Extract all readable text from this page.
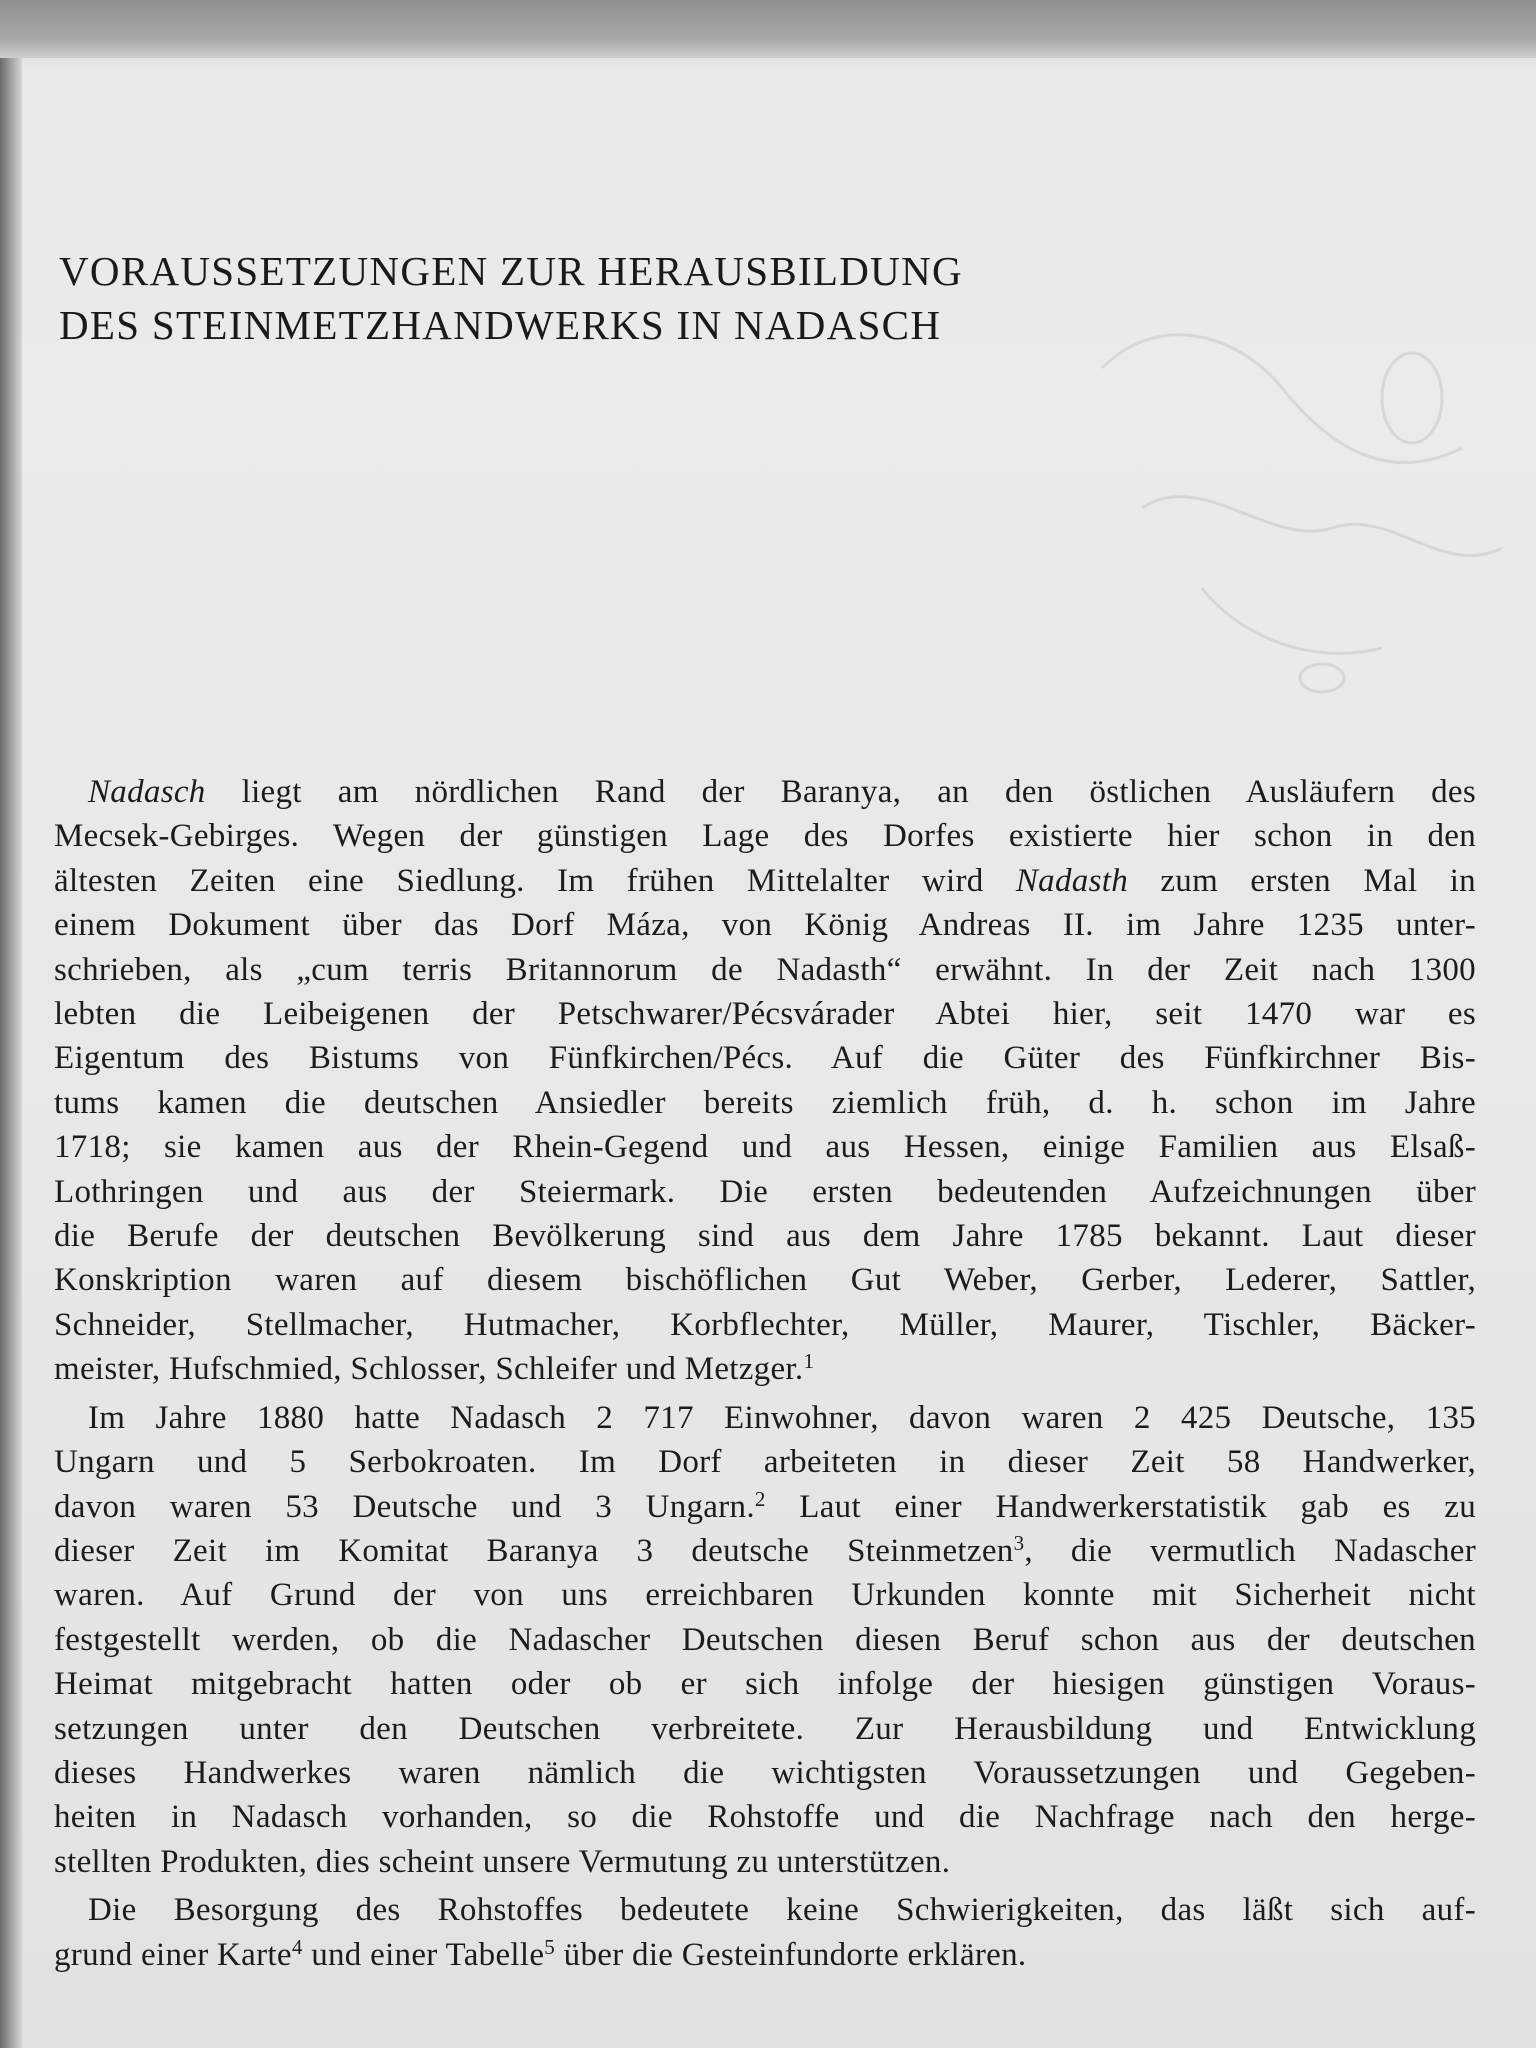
VORAUSSETZUNGEN ZUR HERAUSBILDUNG
DES STEINMETZHANDWERKS IN NADASCH

Nadasch liegt am nördlichen Rand der Baranya, an den östlichen Ausläufern des
Mecsek-Gebirges. Wegen der günstigen Lage des Dorfes existierte hier schon in den
ältesten Zeiten eine Siedlung. Im frühen Mittelalter wird Nadasth zum ersten Mal in
einem Dokument über das Dorf Máza, von König Andreas II. im Jahre 1235 unter-
schrieben, als „cum terris Britannorum de Nadasth“ erwähnt. In der Zeit nach 1300
lebten die Leibeigenen der Petschwarer/Pécsvárader Abtei hier, seit 1470 war es
Eigentum des Bistums von Fünfkirchen/Pécs. Auf die Güter des Fünfkirchner Bis-
tums kamen die deutschen Ansiedler bereits ziemlich früh, d. h. schon im Jahre
1718; sie kamen aus der Rhein-Gegend und aus Hessen, einige Familien aus Elsaß-
Lothringen und aus der Steiermark. Die ersten bedeutenden Aufzeichnungen über
die Berufe der deutschen Bevölkerung sind aus dem Jahre 1785 bekannt. Laut dieser
Konskription waren auf diesem bischöflichen Gut Weber, Gerber, Lederer, Sattler,
Schneider, Stellmacher, Hutmacher, Korbflechter, Müller, Maurer, Tischler, Bäcker-
meister, Hufschmied, Schlosser, Schleifer und Metzger.$^1$

Im Jahre 1880 hatte Nadasch 2 717 Einwohner, davon waren 2 425 Deutsche, 135
Ungarn und 5 Serbokroaten. Im Dorf arbeiteten in dieser Zeit 58 Handwerker,
davon waren 53 Deutsche und 3 Ungarn.$^2$ Laut einer Handwerkerstatistik gab es zu
dieser Zeit im Komitat Baranya 3 deutsche Steinmetzen$^3$, die vermutlich Nadascher
waren. Auf Grund der von uns erreichbaren Urkunden konnte mit Sicherheit nicht
festgestellt werden, ob die Nadascher Deutschen diesen Beruf schon aus der deutschen
Heimat mitgebracht hatten oder ob er sich infolge der hiesigen günstigen Voraus-
setzungen unter den Deutschen verbreitete. Zur Herausbildung und Entwicklung
dieses Handwerkes waren nämlich die wichtigsten Voraussetzungen und Gegeben-
heiten in Nadasch vorhanden, so die Rohstoffe und die Nachfrage nach den herge-
stellten Produkten, dies scheint unsere Vermutung zu unterstützen.

Die Besorgung des Rohstoffes bedeutete keine Schwierigkeiten, das läßt sich auf-
grund einer Karte$^4$ und einer Tabelle$^5$ über die Gesteinfundorte erklären.
